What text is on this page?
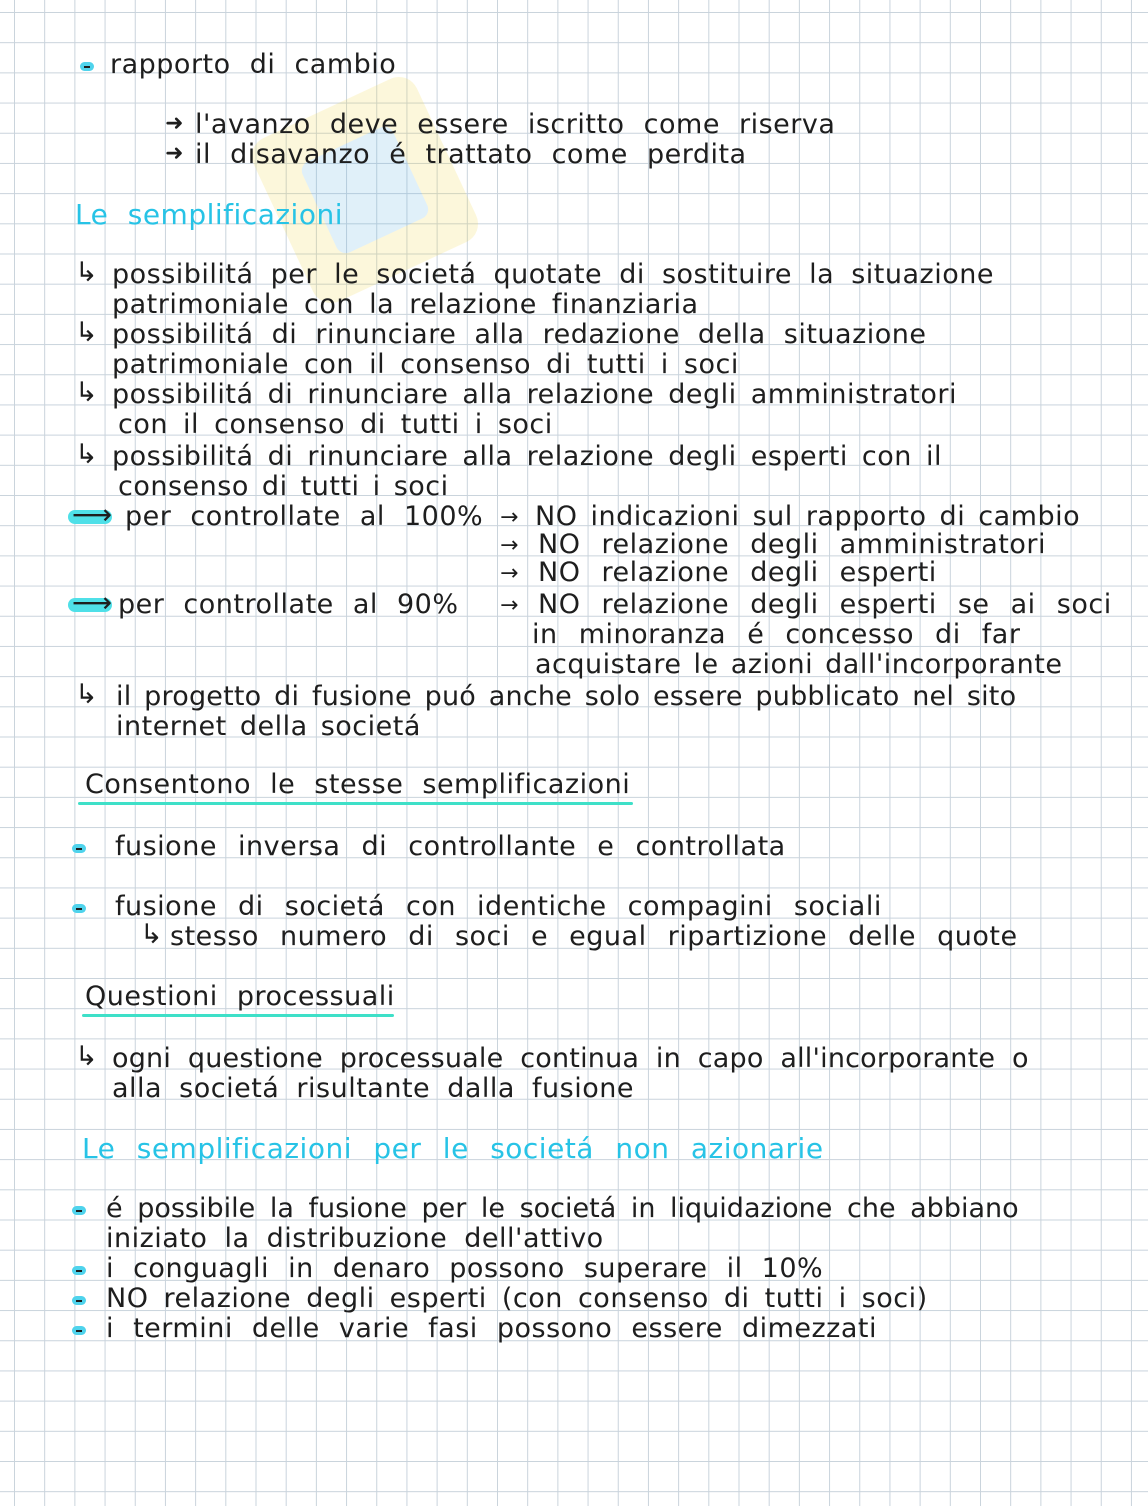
rapporto di cambio
➜ l'avanzo deve essere iscritto come riserva
➜ il disavanzo é trattato come perdita
Le semplificazioni
↳ possibilitá per le societá quotate di sostituire la situazione
patrimoniale con la relazione finanziaria
↳ possibilitá di rinunciare alla redazione della situazione
patrimoniale con il consenso di tutti i soci
↳ possibilitá di rinunciare alla relazione degli amministratori
con il consenso di tutti i soci
↳ possibilitá di rinunciare alla relazione degli esperti con il
consenso di tutti i soci
⟶ per controllate al 100% → NO indicazioni sul rapporto di cambio
→ NO relazione degli amministratori
→ NO relazione degli esperti
⟶ per controllate al 90% → NO relazione degli esperti se ai soci
in minoranza é concesso di far
acquistare le azioni dall'incorporante
↳ il progetto di fusione puó anche solo essere pubblicato nel sito
internet della societá
Consentono le stesse semplificazioni
fusione inversa di controllante e controllata
fusione di societá con identiche compagini sociali
↳ stesso numero di soci e egual ripartizione delle quote
Questioni processuali
↳ ogni questione processuale continua in capo all'incorporante o
alla societá risultante dalla fusione
Le semplificazioni per le societá non azionarie
é possibile la fusione per le societá in liquidazione che abbiano
iniziato la distribuzione dell'attivo
i conguagli in denaro possono superare il 10%
NO relazione degli esperti (con consenso di tutti i soci)
i termini delle varie fasi possono essere dimezzati
